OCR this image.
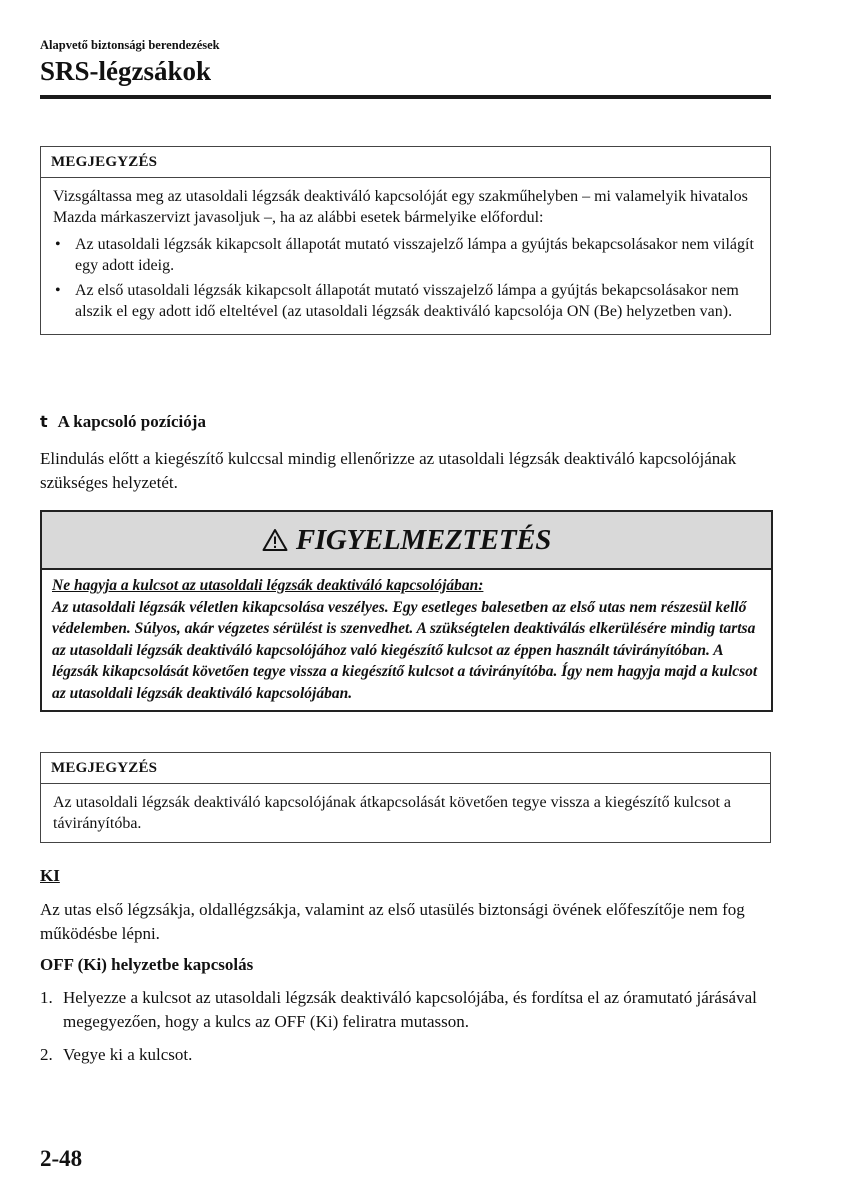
Alapvető biztonsági berendezések
SRS-légzsákok
MEGJEGYZÉS

Vizsgáltassa meg az utasoldali légzsák deaktiváló kapcsolóját egy szakműhelyben – mi valamelyik hivatalos Mazda márkaszervizt javasoljuk –, ha az alábbi esetek bármelyike előfordul:

• Az utasoldali légzsák kikapcsolt állapotát mutató visszajelző lámpa a gyújtás bekapcsolásakor nem világít egy adott ideig.
• Az első utasoldali légzsák kikapcsolt állapotát mutató visszajelző lámpa a gyújtás bekapcsolásakor nem alszik el egy adott idő elteltével (az utasoldali légzsák deaktiváló kapcsolója ON (Be) helyzetben van).
t A kapcsoló pozíciója
Elindulás előtt a kiegészítő kulccsal mindig ellenőrizze az utasoldali légzsák deaktiváló kapcsolójának szükséges helyzetét.
FIGYELMEZTETÉS

Ne hagyja a kulcsot az utasoldali légzsák deaktiváló kapcsolójában:

Az utasoldali légzsák véletlen kikapcsolása veszélyes. Egy esetleges balesetben az első utas nem részesül kellő védelemben. Súlyos, akár végzetes sérülést is szenvedhet. A szükségtelen deaktiválás elkerülésére mindig tartsa az utasoldali légzsák deaktiváló kapcsolójához való kiegészítő kulcsot az éppen használt távirányítóban. A légzsák kikapcsolását követően tegye vissza a kiegészítő kulcsot a távirányítóba. Így nem hagyja majd a kulcsot az utasoldali légzsák deaktiváló kapcsolójában.

MEGJEGYZÉS

Az utasoldali légzsák deaktiváló kapcsolójának átkapcsolását követően tegye vissza a kiegészítő kulcsot a távirányítóba.

KI
Az utas első légzsákja, oldallégzsákja, valamint az első utasülés biztonsági övének előfeszítője nem fog működésbe lépni.
OFF (Ki) helyzetbe kapcsolás
1. Helyezze a kulcsot az utasoldali légzsák deaktiváló kapcsolójába, és fordítsa el az óramutató járásával megegyezően, hogy a kulcs az OFF (Ki) feliratra mutasson.
2. Vegye ki a kulcsot.
2-48
